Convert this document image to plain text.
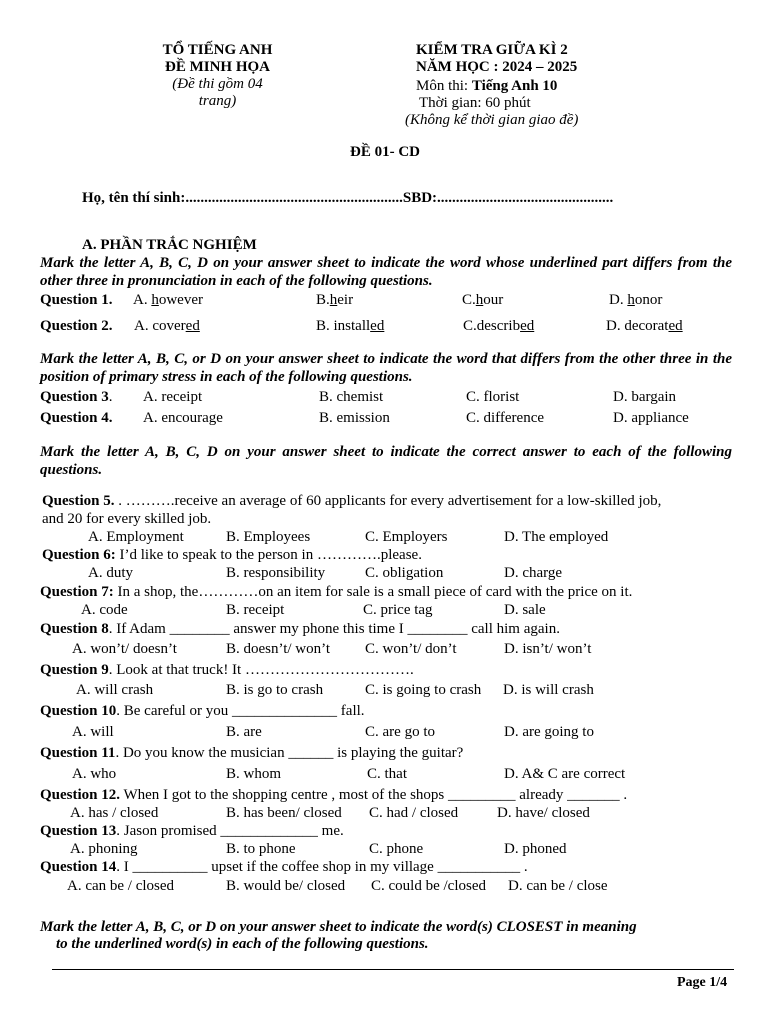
TỔ TIẾNG ANH
ĐỀ MINH HỌA
(Đề thi gồm 04
trang)
KIỂM TRA GIỮA KÌ 2
NĂM HỌC : 2024 – 2025
Môn thi: Tiếng Anh 10
Thời gian: 60 phút
(Không kể thời gian giao đề)
ĐỀ 01- CD
Họ, tên thí sinh:..........................................................SBD:...............................................
A. PHẦN TRẮC NGHIỆM
Mark the letter A, B, C, D on your answer sheet to indicate the word whose underlined part differs from the other three in pronunciation in each of the following questions.
Question 1. A. however	B.heir	C.hour	D. honor
Question 2. A. covered	B. installed	C.described	D. decorated
Mark the letter A, B, C, or D on your answer sheet to indicate the word that differs from the other three in the position of primary stress in each of the following questions.
Question 3. A. receipt	B. chemist	C. florist	D. bargain
Question 4. A. encourage	B. emission	C. difference	D. appliance
Mark the letter A, B, C, D on your answer sheet to indicate the correct answer to each of the following questions.
Question 5. . ……….receive an average of 60 applicants for every advertisement for a low-skilled job,
and 20 for every skilled job.
A. Employment	B. Employees	C. Employers	D. The employed
Question 6: I’d like to speak to the person in ………….please.
A. duty	B. responsibility	C. obligation	D. charge
Question 7: In a shop, the…………on an item for sale is a small piece of card with the price on it.
A. code	B. receipt	C. price tag	D. sale
Question 8. If Adam ________ answer my phone this time I ________ call him again.
A. won’t/ doesn’t	B. doesn’t/ won’t C. won’t/ don’t	D. isn’t/ won’t
Question 9. Look at that truck! It …………………………….
A. will crash	B. is go to crash	C. is going to crash D. is will crash
Question 10. Be careful or you ______________ fall.
A. will	B. are	C. are go to	D. are going to
Question 11. Do you know the musician ______ is playing the guitar?
A. who	B. whom	C. that	D. A& C are correct
Question 12. When I got to the shopping centre , most of the shops _________ already _______ .
A. has / closed	B. has been/ closed C. had / closed	D. have/ closed
Question 13. Jason promised _____________ me.
A. phoning	B. to phone	C. phone	D. phoned
Question 14. I __________ upset if the coffee shop in my village ___________ .
A. can be / closed	B. would be/ closed C. could be /closed D. can be / close
Mark the letter A, B, C, or D on your answer sheet to indicate the word(s) CLOSEST in meaning
to the underlined word(s) in each of the following questions.
Page 1/4
